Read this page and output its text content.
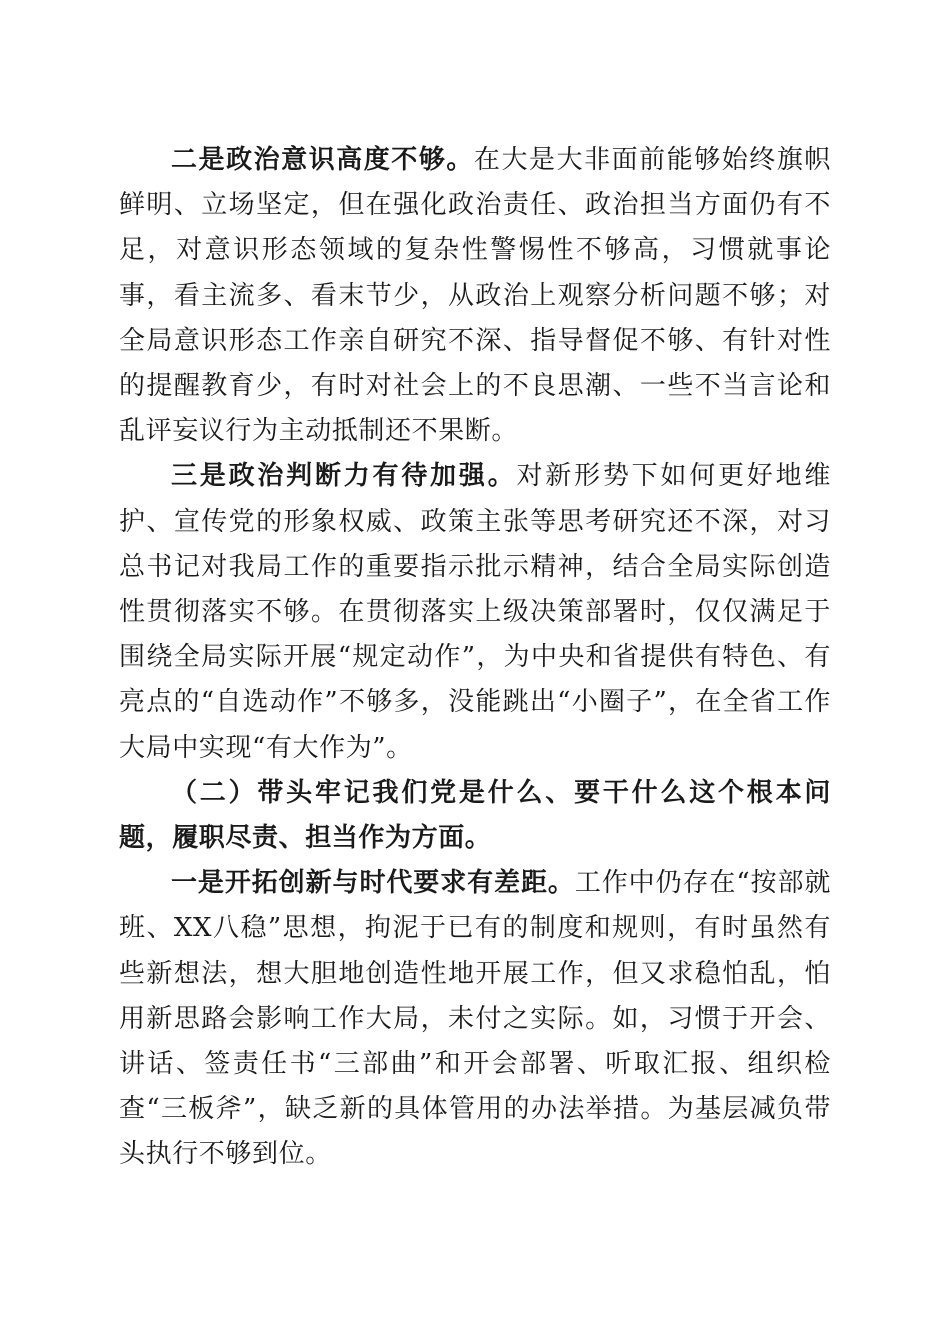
二是政治意识高度不够。在大是大非面前能够始终旗帜鲜明、立场坚定，但在强化政治责任、政治担当方面仍有不足，对意识形态领域的复杂性警惕性不够高，习惯就事论事，看主流多、看末节少，从政治上观察分析问题不够；对全局意识形态工作亲自研究不深、指导督促不够、有针对性的提醒教育少，有时对社会上的不良思潮、一些不当言论和乱评妄议行为主动抵制还不果断。

三是政治判断力有待加强。对新形势下如何更好地维护、宣传党的形象权威、政策主张等思考研究还不深，对习总书记对我局工作的重要指示批示精神，结合全局实际创造性贯彻落实不够。在贯彻落实上级决策部署时，仅仅满足于围绕全局实际开展“规定动作”，为中央和省提供有特色、有亮点的“自选动作”不够多，没能跳出“小圈子”，在全省工作大局中实现“有大作为”。

（二）带头牢记我们党是什么、要干什么这个根本问题，履职尽责、担当作为方面。

一是开拓创新与时代要求有差距。工作中仍存在“按部就班、XX八稳”思想，拘泥于已有的制度和规则，有时虽然有些新想法，想大胆地创造性地开展工作，但又求稳怕乱，怕用新思路会影响工作大局，未付之实际。如，习惯于开会、讲话、签责任书“三部曲”和开会部署、听取汇报、组织检查“三板斧”，缺乏新的具体管用的办法举措。为基层减负带头执行不够到位。
